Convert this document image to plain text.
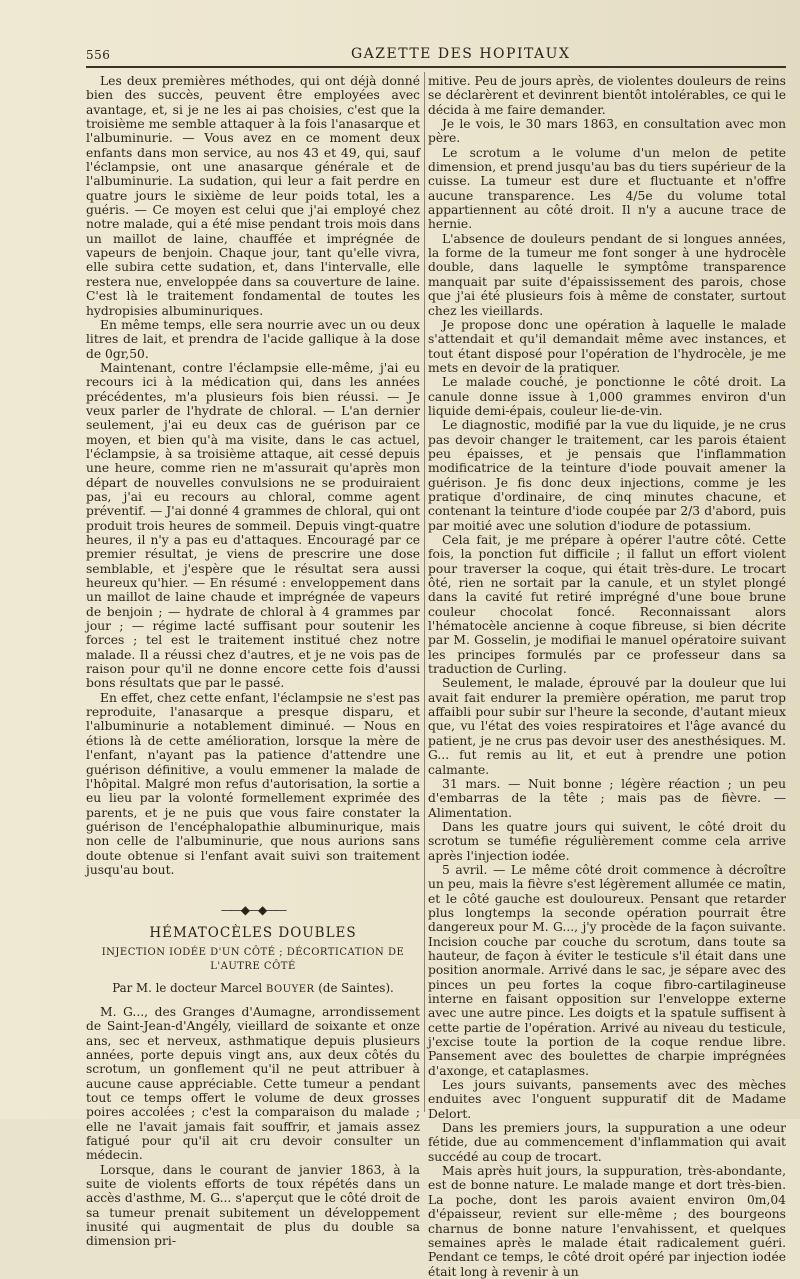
556	GAZETTE DES HOPITAUX

Les deux premières méthodes, qui ont déjà donné bien des succès, peuvent être employées avec avantage, et, si je ne les ai pas choisies, c'est que la troisième me semble attaquer à la fois l'anasarque et l'albuminurie. — Vous avez en ce moment deux enfants dans mon service, au nos 43 et 49, qui, sauf l'éclampsie, ont une anasarque générale et de l'albuminurie. La sudation, qui leur a fait perdre en quatre jours le sixième de leur poids total, les a guéris. — Ce moyen est celui que j'ai employé chez notre malade, qui a été mise pendant trois mois dans un maillot de laine, chauffée et imprégnée de vapeurs de benjoin. Chaque jour, tant qu'elle vivra, elle subira cette sudation, et, dans l'intervalle, elle restera nue, enveloppée dans sa couverture de laine. C'est là le traitement fondamental de toutes les hydropisies albuminuriques.

En même temps, elle sera nourrie avec un ou deux litres de lait, et prendra de l'acide gallique à la dose de 0gr,50.

Maintenant, contre l'éclampsie elle-même, j'ai eu recours ici à la médication qui, dans les années précédentes, m'a plusieurs fois bien réussi. — Je veux parler de l'hydrate de chloral. — L'an dernier seulement, j'ai eu deux cas de guérison par ce moyen, et bien qu'à ma visite, dans le cas actuel, l'éclampsie, à sa troisième attaque, ait cessé depuis une heure, comme rien ne m'assurait qu'après mon départ de nouvelles convulsions ne se produiraient pas, j'ai eu recours au chloral, comme agent préventif. — J'ai donné 4 grammes de chloral, qui ont produit trois heures de sommeil. Depuis vingt-quatre heures, il n'y a pas eu d'attaques. Encouragé par ce premier résultat, je viens de prescrire une dose semblable, et j'espère que le résultat sera aussi heureux qu'hier. — En résumé : enveloppement dans un maillot de laine chaude et imprégnée de vapeurs de benjoin ; — hydrate de chloral à 4 grammes par jour ; — régime lacté suffisant pour soutenir les forces ; tel est le traitement institué chez notre malade. Il a réussi chez d'autres, et je ne vois pas de raison pour qu'il ne donne encore cette fois d'aussi bons résultats que par le passé.

En effet, chez cette enfant, l'éclampsie ne s'est pas reproduite, l'anasarque a presque disparu, et l'albuminurie a notablement diminué. — Nous en étions là de cette amélioration, lorsque la mère de l'enfant, n'ayant pas la patience d'attendre une guérison définitive, a voulu emmener la malade de l'hôpital. Malgré mon refus d'autorisation, la sortie a eu lieu par la volonté formellement exprimée des parents, et je ne puis que vous faire constater la guérison de l'encéphalopathie albuminurique, mais non celle de l'albuminurie, que nous aurions sans doute obtenue si l'enfant avait suivi son traitement jusqu'au bout.

——◆—◆——
HÉMATOCÈLES DOUBLES
INJECTION IODÉE D'UN CÔTÉ ; DÉCORTICATION DE L'AUTRE CÔTÉ
Par M. le docteur Marcel BOUYER (de Saintes).

M. G..., des Granges d'Aumagne, arrondissement de Saint-Jean-d'Angély, vieillard de soixante et onze ans, sec et nerveux, asthmatique depuis plusieurs années, porte depuis vingt ans, aux deux côtés du scrotum, un gonflement qu'il ne peut attribuer à aucune cause appréciable. Cette tumeur a pendant tout ce temps offert le volume de deux grosses poires accolées ; c'est la comparaison du malade ; elle ne l'avait jamais fait souffrir, et jamais assez fatigué pour qu'il ait cru devoir consulter un médecin.

Lorsque, dans le courant de janvier 1863, à la suite de violents efforts de toux répétés dans un accès d'asthme, M. G... s'aperçut que le côté droit de sa tumeur prenait subitement un développement inusité qui augmentait de plus du double sa dimension pri-

mitive. Peu de jours après, de violentes douleurs de reins se déclarèrent et devinrent bientôt intolérables, ce qui le décida à me faire demander.

Je le vois, le 30 mars 1863, en consultation avec mon père.

Le scrotum a le volume d'un melon de petite dimension, et prend jusqu'au bas du tiers supérieur de la cuisse. La tumeur est dure et fluctuante et n'offre aucune transparence. Les 4/5e du volume total appartiennent au côté droit. Il n'y a aucune trace de hernie.

L'absence de douleurs pendant de si longues années, la forme de la tumeur me font songer à une hydrocèle double, dans laquelle le symptôme transparence manquait par suite d'épaississement des parois, chose que j'ai été plusieurs fois à même de constater, surtout chez les vieillards.

Je propose donc une opération à laquelle le malade s'attendait et qu'il demandait même avec instances, et tout étant disposé pour l'opération de l'hydrocèle, je me mets en devoir de la pratiquer.

Le malade couché, je ponctionne le côté droit. La canule donne issue à 1,000 grammes environ d'un liquide demi-épais, couleur lie-de-vin.

Le diagnostic, modifié par la vue du liquide, je ne crus pas devoir changer le traitement, car les parois étaient peu épaisses, et je pensais que l'inflammation modificatrice de la teinture d'iode pouvait amener la guérison. Je fis donc deux injections, comme je les pratique d'ordinaire, de cinq minutes chacune, et contenant la teinture d'iode coupée par 2/3 d'abord, puis par moitié avec une solution d'iodure de potassium.

Cela fait, je me prépare à opérer l'autre côté. Cette fois, la ponction fut difficile ; il fallut un effort violent pour traverser la coque, qui était très-dure. Le trocart ôté, rien ne sortait par la canule, et un stylet plongé dans la cavité fut retiré imprégné d'une boue brune couleur chocolat foncé. Reconnaissant alors l'hématocèle ancienne à coque fibreuse, si bien décrite par M. Gosselin, je modifiai le manuel opératoire suivant les principes formulés par ce professeur dans sa traduction de Curling.

Seulement, le malade, éprouvé par la douleur que lui avait fait endurer la première opération, me parut trop affaibli pour subir sur l'heure la seconde, d'autant mieux que, vu l'état des voies respiratoires et l'âge avancé du patient, je ne crus pas devoir user des anesthésiques. M. G... fut remis au lit, et eut à prendre une potion calmante.

31 mars. — Nuit bonne ; légère réaction ; un peu d'embarras de la tête ; mais pas de fièvre. — Alimentation.

Dans les quatre jours qui suivent, le côté droit du scrotum se tuméfie régulièrement comme cela arrive après l'injection iodée.

5 avril. — Le même côté droit commence à décroître un peu, mais la fièvre s'est légèrement allumée ce matin, et le côté gauche est douloureux. Pensant que retarder plus longtemps la seconde opération pourrait être dangereux pour M. G..., j'y procède de la façon suivante. Incision couche par couche du scrotum, dans toute sa hauteur, de façon à éviter le testicule s'il était dans une position anormale. Arrivé dans le sac, je sépare avec des pinces un peu fortes la coque fibro-cartilagineuse interne en faisant opposition sur l'enveloppe externe avec une autre pince. Les doigts et la spatule suffisent à cette partie de l'opération. Arrivé au niveau du testicule, j'excise toute la portion de la coque rendue libre. Pansement avec des boulettes de charpie imprégnées d'axonge, et cataplasmes.

Les jours suivants, pansements avec des mèches enduites avec l'onguent suppuratif dit de Madame Delort.

Dans les premiers jours, la suppuration a une odeur fétide, due au commencement d'inflammation qui avait succédé au coup de trocart.

Mais après huit jours, la suppuration, très-abondante, est de bonne nature. Le malade mange et dort très-bien. La poche, dont les parois avaient environ 0m,04 d'épaisseur, revient sur elle-même ; des bourgeons charnus de bonne nature l'envahissent, et quelques semaines après le malade était radicalement guéri. Pendant ce temps, le côté droit opéré par injection iodée était long à revenir à un
